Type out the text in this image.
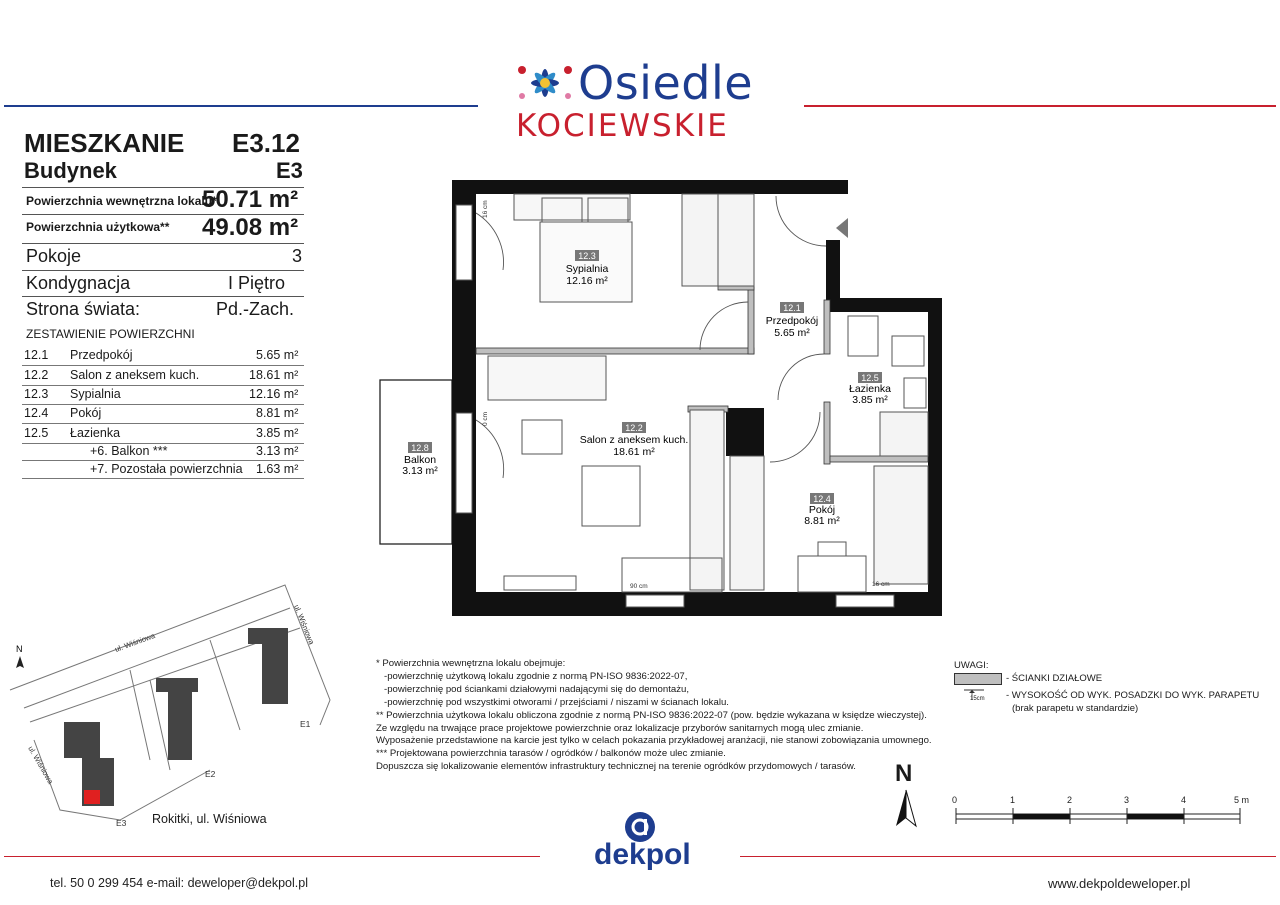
Osiedle
KOCIEWSKIE
MIESZKANIE E3.12
Budynek	E3
Powierzchnia wewnętrzna lokalu*
50.71 m²
Powierzchnia użytkowa** 49.08 m²
Pokoje	3
Kondygnacja	I Piętro
Strona świata:	Pd.-Zach.
ZESTAWIENIE POWIERZCHNI
12.1 Przedpokój	5.65 m²
12.2 Salon z aneksem kuch.	18.61 m²
12.3 Sypialnia	12.16 m²
12.4 Pokój	8.81 m²
12.5 Łazienka	3.85 m²
+6. Balkon ***	3.13 m²
+7. Pozostała powierzchnia 1.63 m²
12.3
Sypialnia
12.16 m²
12.1
Przedpokój
5.65 m²
12.5
Łazienka
3.85 m²
12.2
Salon z aneksem kuch.
18.61 m²
12.8
Balkon
3.13 m²
12.4
Pokój
8.81 m²
16 cm
0 cm
90 cm	16 cm
N	ul. Wiśniowa	ul. Wiśniowa
ul. Wiśniowa
E1
E2
E3 Rokitki, ul. Wiśniowa
* Powierzchnia wewnętrzna lokalu obejmuje:
-powierzchnię użytkową lokalu zgodnie z normą PN-ISO 9836:2022-07,
-powierzchnię pod ściankami działowymi nadającymi się do demontażu,
-powierzchnię pod wszystkimi otworami / przejściami / niszami w ścianach lokalu.
** Powierzchnia użytkowa lokalu obliczona zgodnie z normą PN-ISO 9836:2022-07 (pow. będzie wykazana w księdze wieczystej).
Ze względu na trwające prace projektowe powierzchnie oraz lokalizacje przyborów sanitarnych mogą ulec zmianie.
Wyposażenie przedstawione na karcie jest tylko w celach pokazania przykładowej aranżacji, nie stanowi zobowiązania umownego.
*** Projektowana powierzchnia tarasów / ogródków / balkonów może ulec zmianie.
Dopuszcza się lokalizowanie elementów infrastruktury technicznej na terenie ogródków przydomowych / tarasów.
UWAGI:
- ŚCIANKI DZIAŁOWE
15cm - WYSOKOŚĆ OD WYK. POSADZKI DO WYK. PARAPETU
(brak parapetu w standardzie)
N
0	1	2	3	4	5 m
dekpol
tel. 50 0 299 454 e-mail: deweloper@dekpol.pl	www.dekpoldeweloper.pl
